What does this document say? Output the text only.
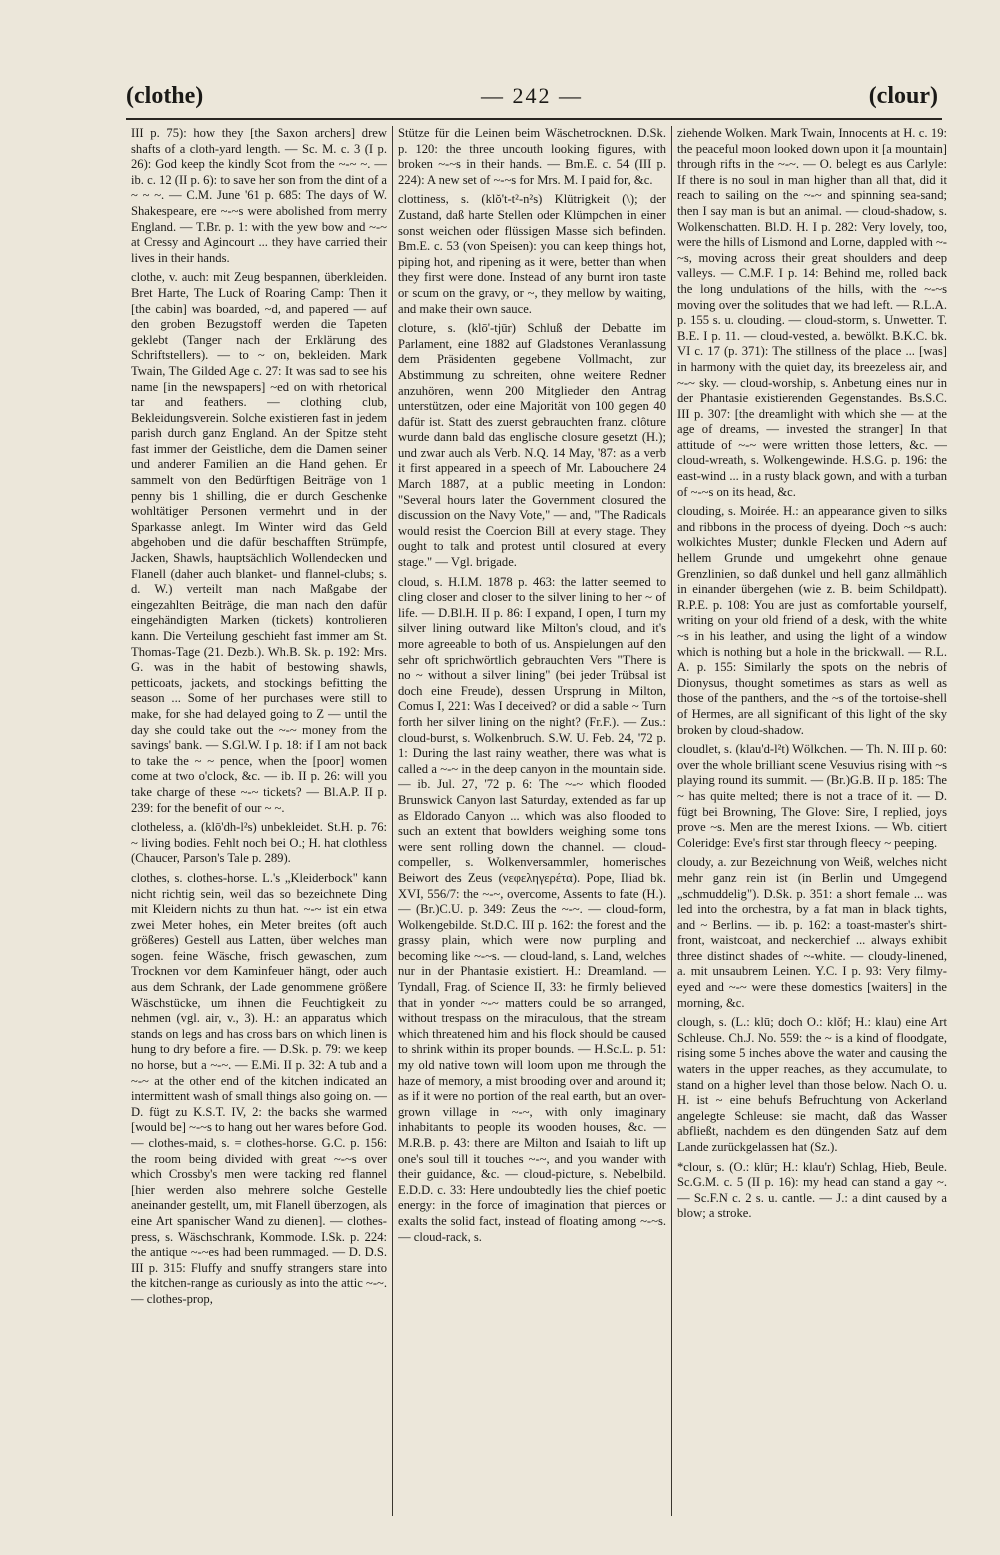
(clothe)	— 242 —	(clour)

III p. 75): how they [the Saxon archers] drew shafts of a cloth-yard length. — Sc. M. c. 3 (I p. 26): God keep the kindly Scot from the ~-~ ~. — ib. c. 12 (II p. 6): to save her son from the dint of a ~ ~ ~. — C.M. June '61 p. 685: The days of W. Shakespeare, ere ~-~s were abolished from merry England. — T.Br. p. 1: with the yew bow and ~-~ at Cressy and Agincourt ... they have carried their lives in their hands.

clothe, v. auch: mit Zeug bespannen, überkleiden. Bret Harte, The Luck of Roaring Camp: Then it [the cabin] was boarded, ~d, and papered — auf den groben Bezugstoff werden die Tapeten geklebt (Tanger nach der Erklärung des Schriftstellers). — to ~ on, bekleiden. Mark Twain, The Gilded Age c. 27: It was sad to see his name [in the newspapers] ~ed on with rhetorical tar and feathers. — clothing club, Bekleidungsverein. Solche existieren fast in jedem parish durch ganz England. An der Spitze steht fast immer der Geistliche, dem die Damen seiner und anderer Familien an die Hand gehen. Er sammelt von den Bedürftigen Beiträge von 1 penny bis 1 shilling, die er durch Geschenke wohltätiger Personen vermehrt und in der Sparkasse anlegt. Im Winter wird das Geld abgehoben und die dafür beschafften Strümpfe, Jacken, Shawls, hauptsächlich Wollendecken und Flanell (daher auch blanket- und flannel-clubs; s. d. W.) verteilt man nach Maßgabe der eingezahlten Beiträge, die man nach den dafür eingehändigten Marken (tickets) kontrolieren kann. Die Verteilung geschieht fast immer am St. Thomas-Tage (21. Dezb.). Wh.B. Sk. p. 192: Mrs. G. was in the habit of bestowing shawls, petticoats, jackets, and stockings befitting the season ... Some of her purchases were still to make, for she had delayed going to Z — until the day she could take out the ~-~ money from the savings' bank. — S.Gl.W. I p. 18: if I am not back to take the ~ ~ pence, when the [poor] women come at two o'clock, &c. — ib. II p. 26: will you take charge of these ~-~ tickets? — Bl.A.P. II p. 239: for the benefit of our ~ ~.

clotheless, a. (klō'dh-l²s) unbekleidet. St.H. p. 76: ~ living bodies. Fehlt noch bei O.; H. hat clothless (Chaucer, Parson's Tale p. 289).

clothes, s. clothes-horse. L.'s „Kleiderbock" kann nicht richtig sein, weil das so bezeichnete Ding mit Kleidern nichts zu thun hat. ~-~ ist ein etwa zwei Meter hohes, ein Meter breites (oft auch größeres) Gestell aus Latten, über welches man sogen. feine Wäsche, frisch gewaschen, zum Trocknen vor dem Kaminfeuer hängt, oder auch aus dem Schrank, der Lade genommene größere Wäschstücke, um ihnen die Feuchtigkeit zu nehmen (vgl. air, v., 3). H.: an apparatus which stands on legs and has cross bars on which linen is hung to dry before a fire. — D.Sk. p. 79: we keep no horse, but a ~-~. — E.Mi. II p. 32: A tub and a ~-~ at the other end of the kitchen indicated an intermittent wash of small things also going on. — D. fügt zu K.S.T. IV, 2: the backs she warmed [would be] ~-~s to hang out her wares before God. — clothes-maid, s. = clothes-horse. G.C. p. 156: the room being divided with great ~-~s over which Crossby's men were tacking red flannel [hier werden also mehrere solche Gestelle aneinander gestellt, um, mit Flanell überzogen, als eine Art spanischer Wand zu dienen]. — clothes-press, s. Wäschschrank, Kommode. I.Sk. p. 224: the antique ~-~es had been rummaged. — D. D.S. III p. 315: Fluffy and snuffy strangers stare into the kitchen-range as curiously as into the attic ~-~. — clothes-prop,

Stütze für die Leinen beim Wäschetrocknen. D.Sk. p. 120: the three uncouth looking figures, with broken ~-~s in their hands. — Bm.E. c. 54 (III p. 224): A new set of ~-~s for Mrs. M. I paid for, &c.

clottiness, s. (klŏ't-t²-n²s) Klütrigkeit (\); der Zustand, daß harte Stellen oder Klümpchen in einer sonst weichen oder flüssigen Masse sich befinden. Bm.E. c. 53 (von Speisen): you can keep things hot, piping hot, and ripening as it were, better than when they first were done. Instead of any burnt iron taste or scum on the gravy, or ~, they mellow by waiting, and make their own sauce.

cloture, s. (klō'-tjūr) Schluß der Debatte im Parlament, eine 1882 auf Gladstones Veranlassung dem Präsidenten gegebene Vollmacht, zur Abstimmung zu schreiten, ohne weitere Redner anzuhören, wenn 200 Mitglieder den Antrag unterstützen, oder eine Majorität von 100 gegen 40 dafür ist. Statt des zuerst gebrauchten franz. clôture wurde dann bald das englische closure gesetzt (H.); und zwar auch als Verb. N.Q. 14 May, '87: as a verb it first appeared in a speech of Mr. Labouchere 24 March 1887, at a public meeting in London: "Several hours later the Government closured the discussion on the Navy Vote," — and, "The Radicals would resist the Coercion Bill at every stage. They ought to talk and protest until closured at every stage." — Vgl. brigade.

cloud, s. H.I.M. 1878 p. 463: the latter seemed to cling closer and closer to the silver lining to her ~ of life. — D.Bl.H. II p. 86: I expand, I open, I turn my silver lining outward like Milton's cloud, and it's more agreeable to both of us. Anspielungen auf den sehr oft sprichwörtlich gebrauchten Vers "There is no ~ without a silver lining" (bei jeder Trübsal ist doch eine Freude), dessen Ursprung in Milton, Comus I, 221: Was I deceived? or did a sable ~ Turn forth her silver lining on the night? (Fr.F.). — Zus.: cloud-burst, s. Wolkenbruch. S.W. U. Feb. 24, '72 p. 1: During the last rainy weather, there was what is called a ~-~ in the deep canyon in the mountain side. — ib. Jul. 27, '72 p. 6: The ~-~ which flooded Brunswick Canyon last Saturday, extended as far up as Eldorado Canyon ... which was also flooded to such an extent that bowlders weighing some tons were sent rolling down the channel. — cloud-compeller, s. Wolkenversammler, homerisches Beiwort des Zeus (νεφεληγερέτα). Pope, Iliad bk. XVI, 556/7: the ~-~, overcome, Assents to fate (H.). — (Br.)C.U. p. 349: Zeus the ~-~. — cloud-form, Wolkengebilde. St.D.C. III p. 162: the forest and the grassy plain, which were now purpling and becoming like ~-~s. — cloud-land, s. Land, welches nur in der Phantasie existiert. H.: Dreamland. — Tyndall, Frag. of Science II, 33: he firmly believed that in yonder ~-~ matters could be so arranged, without trespass on the miraculous, that the stream which threatened him and his flock should be caused to shrink within its proper bounds. — H.Sc.L. p. 51: my old native town will loom upon me through the haze of memory, a mist brooding over and around it; as if it were no portion of the real earth, but an over-grown village in ~-~, with only imaginary inhabitants to people its wooden houses, &c. — M.R.B. p. 43: there are Milton and Isaiah to lift up one's soul till it touches ~-~, and you wander with their guidance, &c. — cloud-picture, s. Nebelbild. E.D.D. c. 33: Here undoubtedly lies the chief poetic energy: in the force of imagination that pierces or exalts the solid fact, instead of floating among ~-~s. — cloud-rack, s.

ziehende Wolken. Mark Twain, Innocents at H. c. 19: the peaceful moon looked down upon it [a mountain] through rifts in the ~-~. — O. belegt es aus Carlyle: If there is no soul in man higher than all that, did it reach to sailing on the ~-~ and spinning sea-sand; then I say man is but an animal. — cloud-shadow, s. Wolkenschatten. Bl.D. H. I p. 282: Very lovely, too, were the hills of Lismond and Lorne, dappled with ~-~s, moving across their great shoulders and deep valleys. — C.M.F. I p. 14: Behind me, rolled back the long undulations of the hills, with the ~-~s moving over the solitudes that we had left. — R.L.A. p. 155 s. u. clouding. — cloud-storm, s. Unwetter. T. B.E. I p. 11. — cloud-vested, a. bewölkt. B.K.C. bk. VI c. 17 (p. 371): The stillness of the place ... [was] in harmony with the quiet day, its breezeless air, and ~-~ sky. — cloud-worship, s. Anbetung eines nur in der Phantasie existierenden Gegenstandes. Bs.S.C. III p. 307: [the dreamlight with which she — at the age of dreams, — invested the stranger] In that attitude of ~-~ were written those letters, &c. — cloud-wreath, s. Wolkengewinde. H.S.G. p. 196: the east-wind ... in a rusty black gown, and with a turban of ~-~s on its head, &c.

clouding, s. Moirée. H.: an appearance given to silks and ribbons in the process of dyeing. Doch ~s auch: wolkichtes Muster; dunkle Flecken und Adern auf hellem Grunde und umgekehrt ohne genaue Grenzlinien, so daß dunkel und hell ganz allmählich in einander übergehen (wie z. B. beim Schildpatt). R.P.E. p. 108: You are just as comfortable yourself, writing on your old friend of a desk, with the white ~s in his leather, and using the light of a window which is nothing but a hole in the brickwall. — R.L. A. p. 155: Similarly the spots on the nebris of Dionysus, thought sometimes as stars as well as those of the panthers, and the ~s of the tortoise-shell of Hermes, are all significant of this light of the sky broken by cloud-shadow.

cloudlet, s. (klau'd-l²t) Wölkchen. — Th. N. III p. 60: over the whole brilliant scene Vesuvius rising with ~s playing round its summit. — (Br.)G.B. II p. 185: The ~ has quite melted; there is not a trace of it. — D. fügt bei Browning, The Glove: Sire, I replied, joys prove ~s. Men are the merest Ixions. — Wb. citiert Coleridge: Eve's first star through fleecy ~ peeping.

cloudy, a. zur Bezeichnung von Weiß, welches nicht mehr ganz rein ist (in Berlin und Umgegend „schmuddelig"). D.Sk. p. 351: a short female ... was led into the orchestra, by a fat man in black tights, and ~ Berlins. — ib. p. 162: a toast-master's shirt-front, waistcoat, and neckerchief ... always exhibit three distinct shades of ~-white. — cloudy-linened, a. mit unsaubrem Leinen. Y.C. I p. 93: Very filmy-eyed and ~-~ were these domestics [waiters] in the morning, &c.

clough, s. (L.: klū; doch O.: klŏf; H.: klau) eine Art Schleuse. Ch.J. No. 559: the ~ is a kind of floodgate, rising some 5 inches above the water and causing the waters in the upper reaches, as they accumulate, to stand on a higher level than those below. Nach O. u. H. ist ~ eine behufs Befruchtung von Ackerland angelegte Schleuse: sie macht, daß das Wasser abfließt, nachdem es den düngenden Satz auf dem Lande zurückgelassen hat (Sz.).

*clour, s. (O.: klūr; H.: klau'r) Schlag, Hieb, Beule. Sc.G.M. c. 5 (II p. 16): my head can stand a gay ~. — Sc.F.N c. 2 s. u. cantle. — J.: a dint caused by a blow; a stroke.
